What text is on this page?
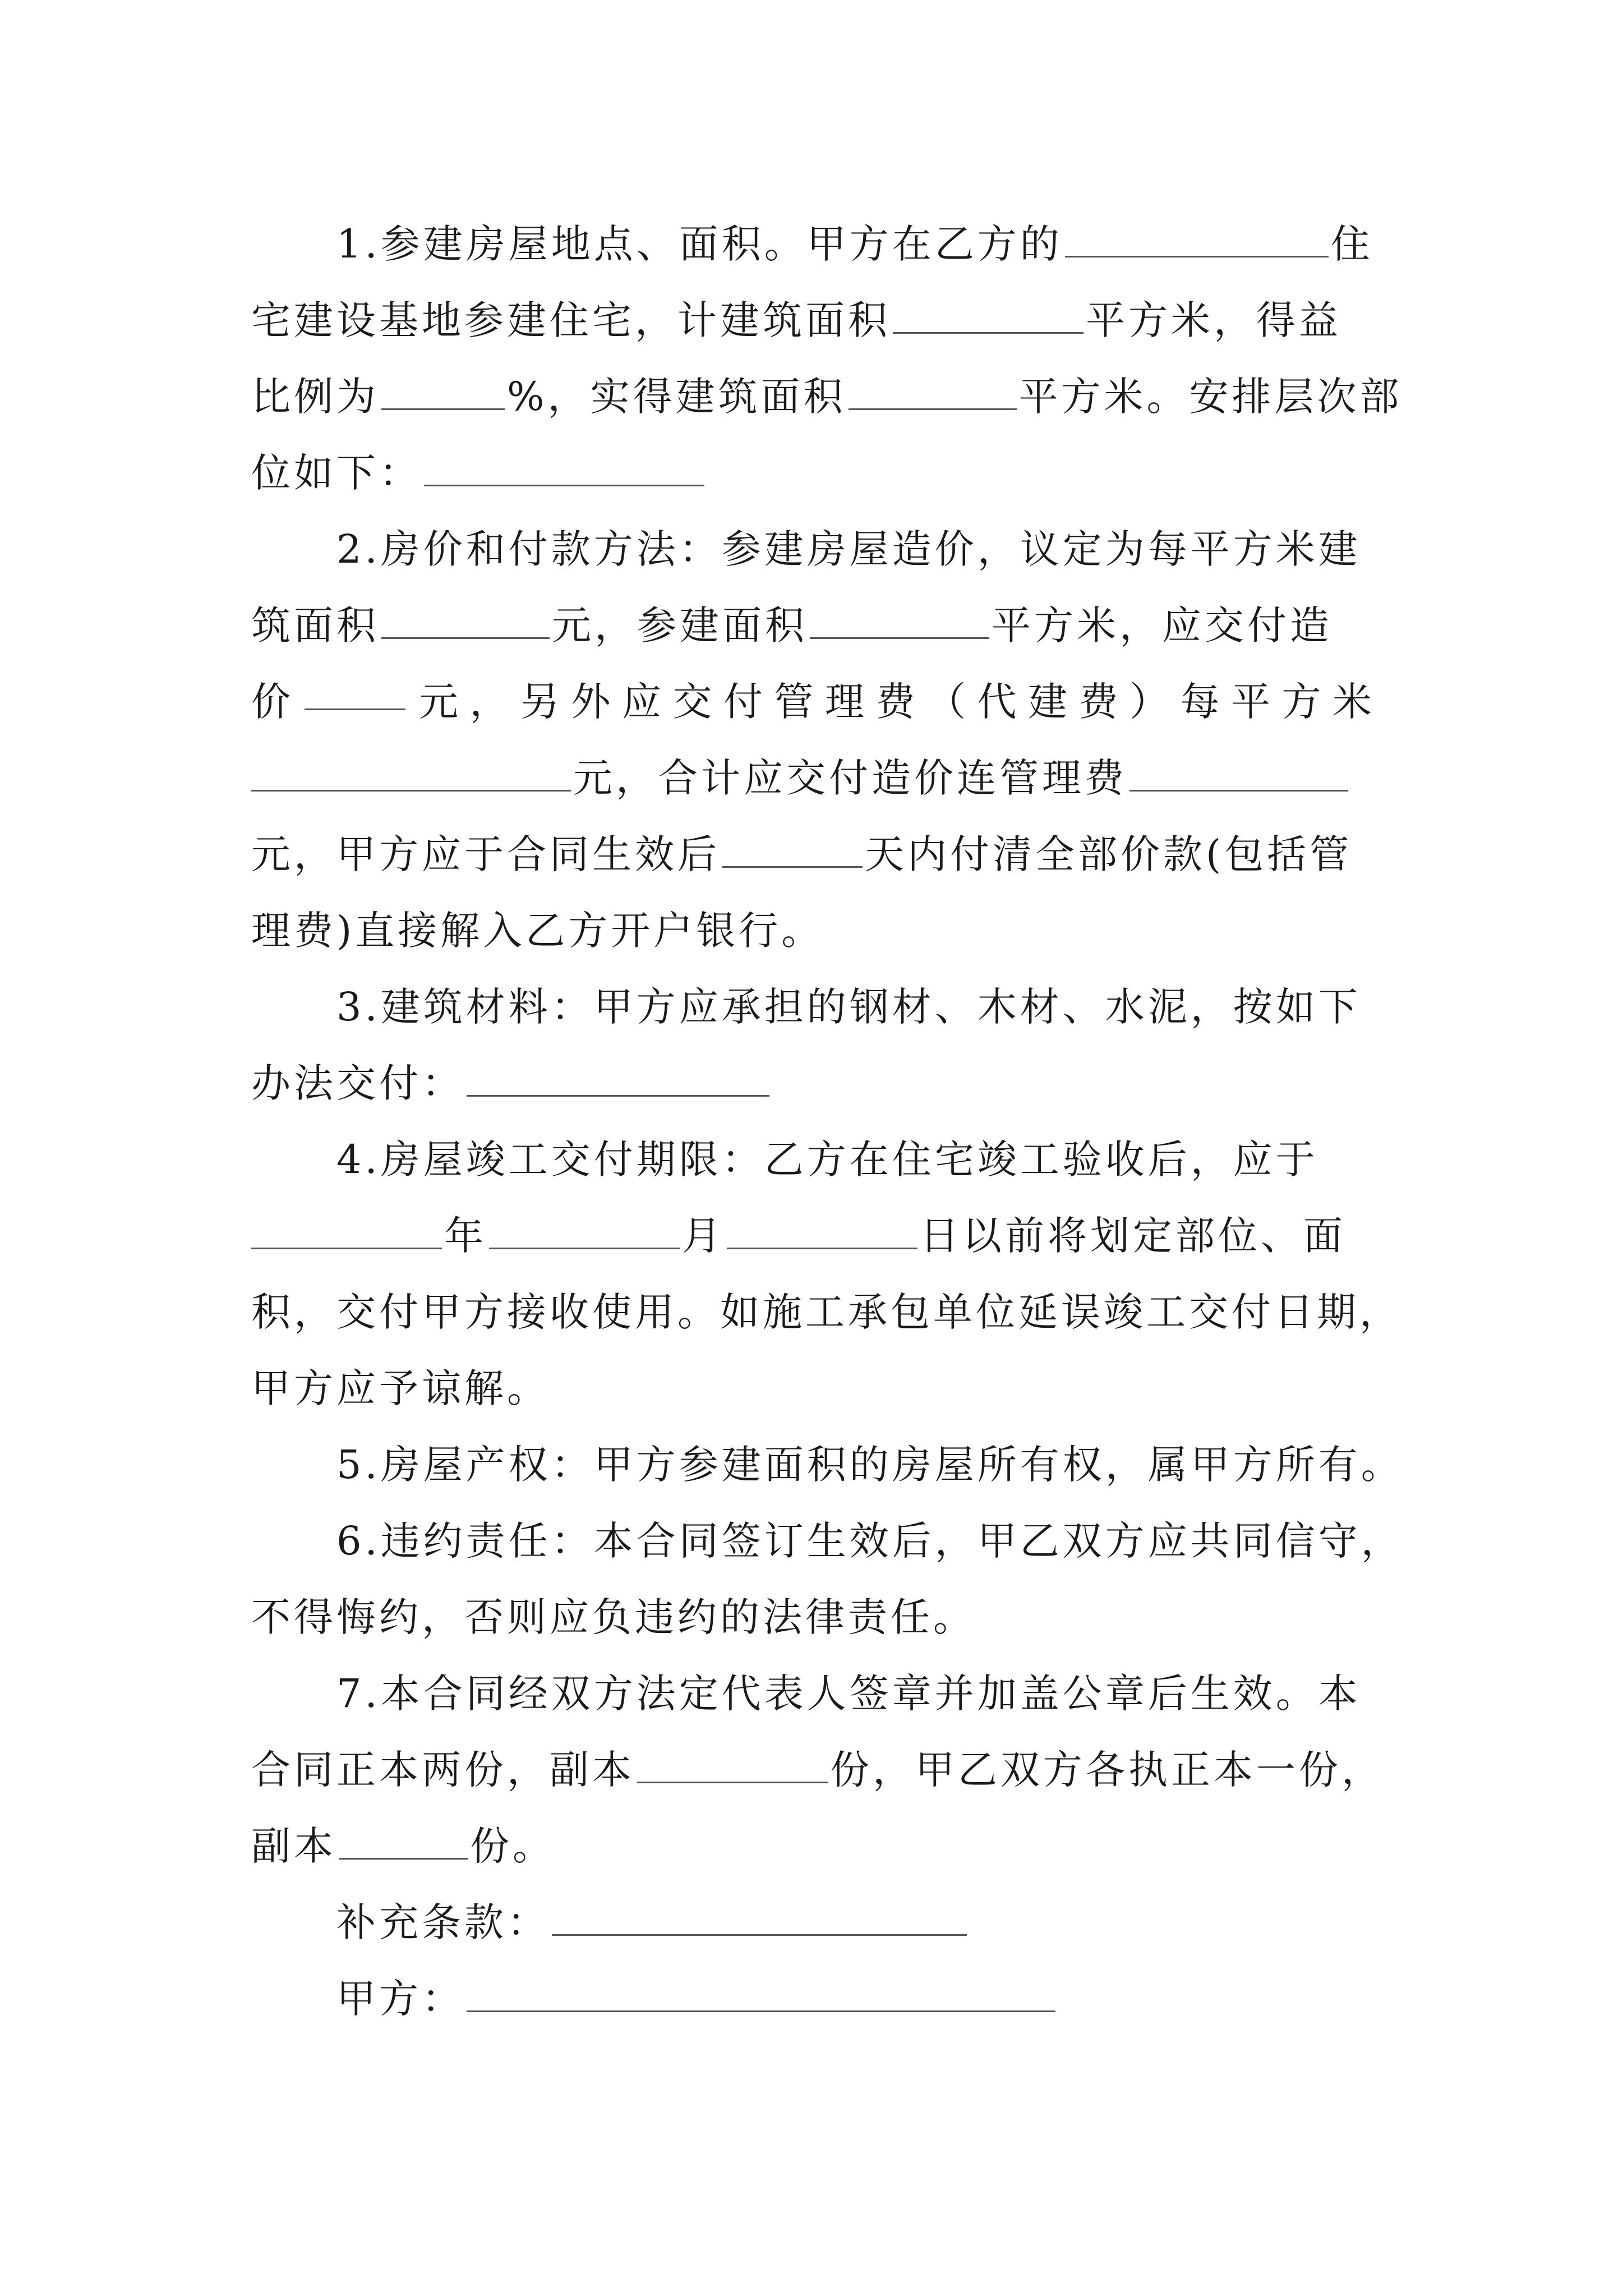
1.参建房屋地点、面积。甲方在乙方的	住
宅建设基地参建住宅，计建筑面积	平方米，得益
比例为	%，实得建筑面积	平方米。安排层次部
位如下：
2.房价和付款方法：参建房屋造价，议定为每平方米建
筑面积	元，参建面积	平方米，应交付造
价	元 ， 另 外 应 交 付 管 理 费 （ 代 建 费 ） 每 平 方 米
元，合计应交付造价连管理费
元，甲方应于合同生效后	天内付清全部价款(包括管
理费)直接解入乙方开户银行。
3.建筑材料：甲方应承担的钢材、木材、水泥，按如下
办法交付：
4.房屋竣工交付期限：乙方在住宅竣工验收后，应于
年	月	日以前将划定部位、面
积，交付甲方接收使用。如施工承包单位延误竣工交付日期，
甲方应予谅解。
5.房屋产权：甲方参建面积的房屋所有权，属甲方所有。
6.违约责任：本合同签订生效后，甲乙双方应共同信守，
不得悔约，否则应负违约的法律责任。
7.本合同经双方法定代表人签章并加盖公章后生效。本
合同正本两份，副本	份，甲乙双方各执正本一份，
副本	份。
补充条款：
甲方：
